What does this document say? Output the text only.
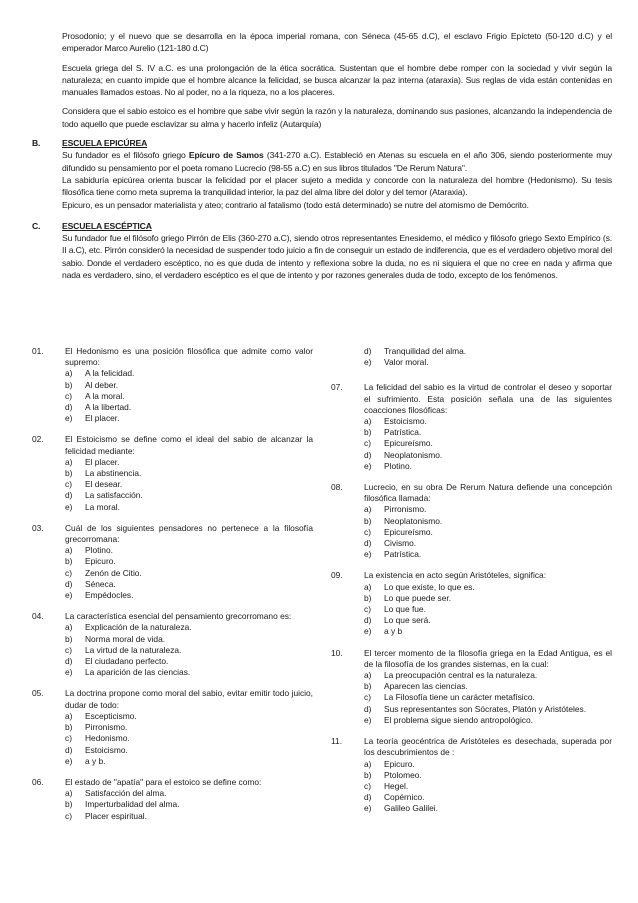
Prosodonio; y el nuevo que se desarrolla en la época imperial romana, con Séneca (45-65 d.C), el esclavo Frigio Epícteto (50-120 d.C) y el emperador Marco Aurelio (121-180 d.C)

Escuela griega del S. IV a.C. es una prolongación de la ética socrática. Sustentan que el hombre debe romper con la sociedad y vivir según la naturaleza; en cuanto impide que el hombre alcance la felicidad, se busca alcanzar la paz interna (ataraxia). Sus reglas de vida están contenidas en manuales llamados estoas. No al poder, no a la riqueza, no a los placeres.

Considera que el sabio estoico es el hombre que sabe vivir según la razón y la naturaleza, dominando sus pasiones, alcanzando la independencia de todo aquello que puede esclavizar su alma y hacerlo infeliz (Autarquía)

B.	ESCUELA EPICÚREA

Su fundador es el filósofo griego Epícuro de Samos (341-270 a.C). Estableció en Atenas su escuela en el año 306, siendo posteriormente muy difundido su pensamiento por el poeta romano Lucrecio (98-55 a.C) en sus libros titulados "De Rerum Natura".

La sabiduría epicúrea orienta buscar la felicidad por el placer sujeto a medida y concorde con la naturaleza del hombre (Hedonismo). Su tesis filosófica tiene como meta suprema la tranquilidad interior, la paz del alma libre del dolor y del temor (Ataraxia).

Epicuro, es un pensador materialista y ateo; contrario al fatalismo (todo está determinado) se nutre del atomismo de Demócrito.

C.	ESCUELA ESCÉPTICA

Su fundador fue el filósofo griego Pirrón de Elis (360-270 a.C), siendo otros representantes Enesidemo, el médico y filósofo griego Sexto Empírico (s. II a.C), etc. Pirrón consideró la necesidad de suspender todo juicio a fin de conseguir un estado de indiferencia, que es el verdadero objetivo moral del sabio. Donde el verdadero escéptico, no es que duda de intento y reflexiona sobre la duda, no es ni siquiera el que no cree en nada y afirma que nada es verdadero, sino, el verdadero escéptico es el que de intento y por razones generales duda de todo, excepto de los fenómenos.

01.	El Hedonismo es una posición filosófica que admite como valor supremo:
a)	A la felicidad.
b)	Al deber.
c)	A la moral.
d)	A la libertad.
e)	El placer.
02.	El Estoicismo se define como el ideal del sabio de alcanzar la felicidad mediante:
a)	El placer.
b)	La abstinencia.
c)	El desear.
d)	La satisfacción.
e)	La moral.
03.	Cuál de los siguientes pensadores no pertenece a la filosofía grecorromana:
a)	Plotino.
b)	Epicuro.
c)	Zenón de Citio.
d)	Séneca.
e)	Empédocles.
04.	La característica esencial del pensamiento grecorromano es:
a)	Explicación de la naturaleza.
b)	Norma moral de vida.
c)	La virtud de la naturaleza.
d)	El ciudadano perfecto.
e)	La aparición de las ciencias.
05.	La doctrina propone como moral del sabio, evitar emitir todo juicio, dudar de todo:
a)	Escepticismo.
b)	Pirronismo.
c)	Hedonismo.
d)	Estoicismo.
e)	a y b.
06.	El estado de "apatía" para el estoico se define como:
a)	Satisfacción del alma.
b)	Imperturbalidad del alma.
c)	Placer espiritual.
d)	Tranquilidad del alma.
e)	Valor moral.
07.	La felicidad del sabio es la virtud de controlar el deseo y soportar el sufrimiento. Esta posición señala una de las siguientes coacciones filosóficas:
a)	Estoicismo.
b)	Patrística.
c)	Epicureísmo.
d)	Neoplatonismo.
e)	Plotino.
08.	Lucrecio, en su obra De Rerum Natura defiende una concepción filosófica llamada:
a)	Pirronismo.
b)	Neoplatonismo.
c)	Epicureísmo.
d)	Civismo.
e)	Patrística.
09.	La existencia en acto según Aristóteles, significa:
a)	Lo que existe, lo que es.
b)	Lo que puede ser.
c)	Lo que fue.
d)	Lo que será.
e)	a y b
10.	El tercer momento de la filosofía griega en la Edad Antigua, es el de la filosofía de los grandes sistemas, en la cual:
a)	La preocupación central es la naturaleza.
b)	Aparecen las ciencias.
c)	La Filosofía tiene un carácter metafísico.
d)	Sus representantes son Sócrates, Platón y Aristóteles.
e)	El problema sigue siendo antropológico.
11.	La teoría geocéntrica de Aristóteles es desechada, superada por los descubrimientos de :
a)	Epicuro.
b)	Ptolomeo.
c)	Hegel.
d)	Copérnico.
e)	Galileo Galilei.
